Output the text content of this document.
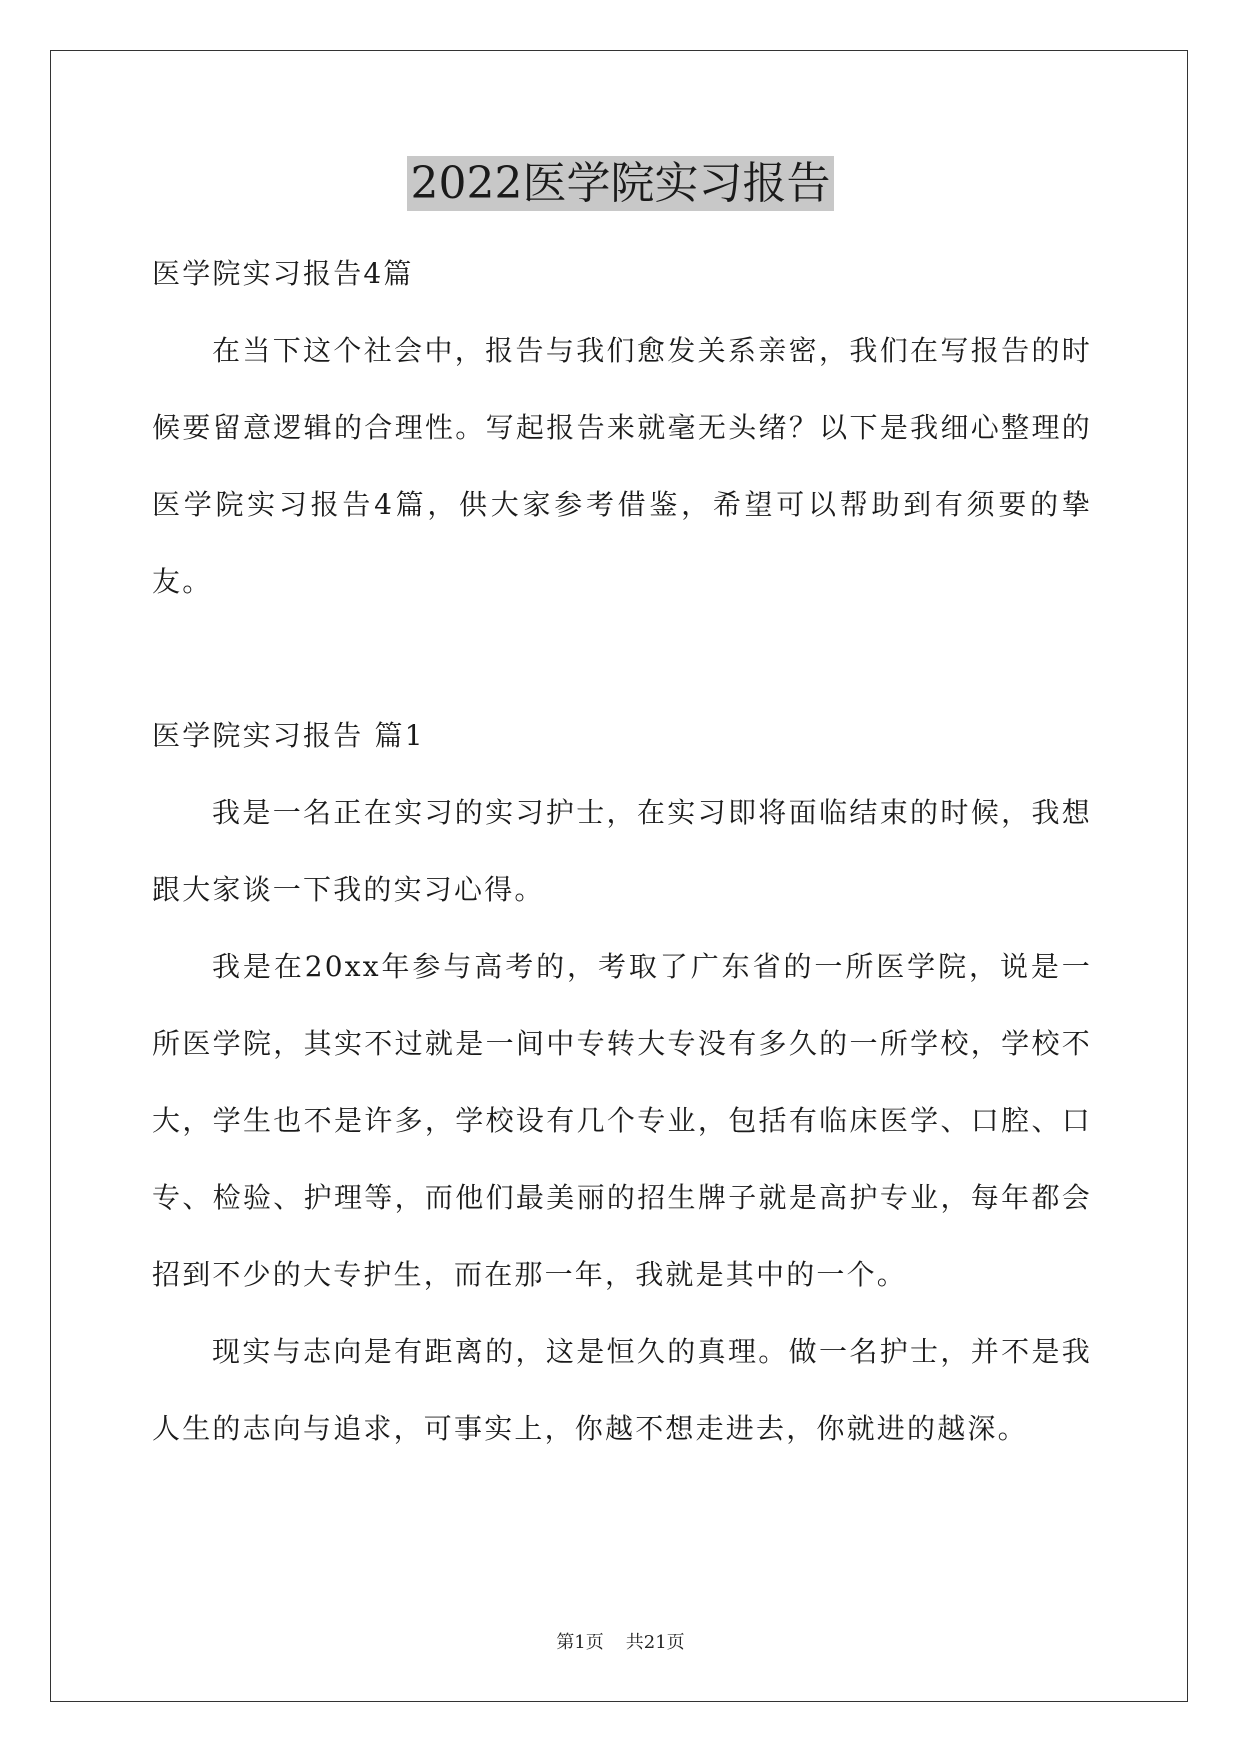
2022医学院实习报告

医学院实习报告4篇

在当下这个社会中，报告与我们愈发关系亲密，我们在写报告的时候要留意逻辑的合理性。写起报告来就毫无头绪？以下是我细心整理的医学院实习报告4篇，供大家参考借鉴，希望可以帮助到有须要的挚友。

医学院实习报告 篇1

我是一名正在实习的实习护士，在实习即将面临结束的时候，我想跟大家谈一下我的实习心得。

我是在20xx年参与高考的，考取了广东省的一所医学院，说是一所医学院，其实不过就是一间中专转大专没有多久的一所学校，学校不大，学生也不是许多，学校设有几个专业，包括有临床医学、口腔、口专、检验、护理等，而他们最美丽的招生牌子就是高护专业，每年都会招到不少的大专护生，而在那一年，我就是其中的一个。

现实与志向是有距离的，这是恒久的真理。做一名护士，并不是我人生的志向与追求，可事实上，你越不想走进去，你就进的越深。

第1页 共21页
